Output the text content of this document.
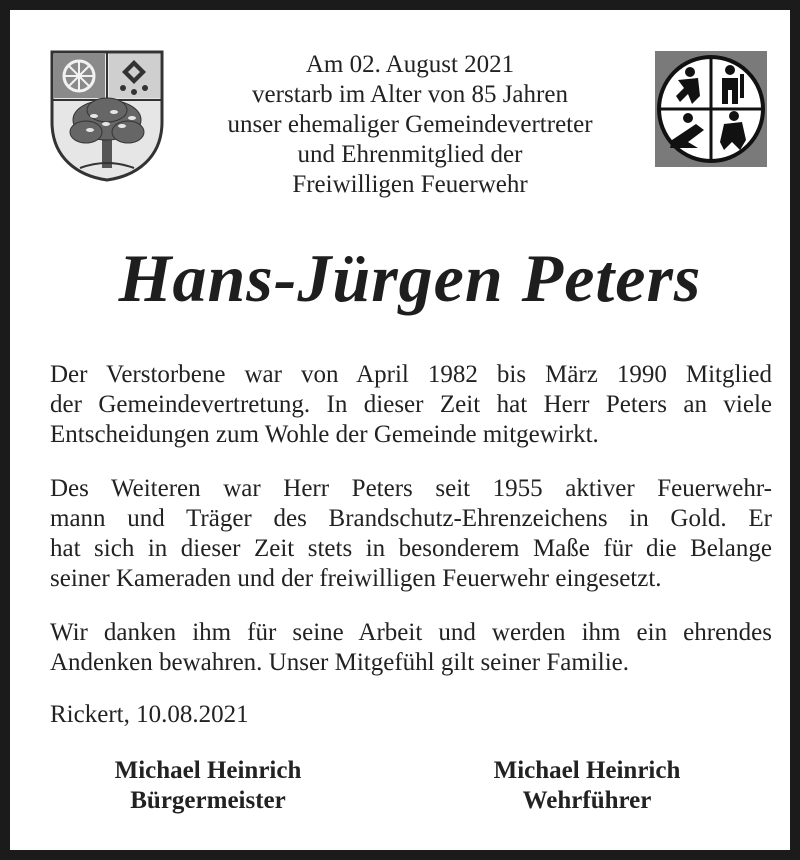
Am 02. August 2021
verstarb im Alter von 85 Jahren
unser ehemaliger Gemeindevertreter
und Ehrenmitglied der
Freiwilligen Feuerwehr
Hans-Jürgen Peters
Der Verstorbene war von April 1982 bis März 1990 Mitglied
der Gemeindevertretung. In dieser Zeit hat Herr Peters an viele
Entscheidungen zum Wohle der Gemeinde mitgewirkt.
Des Weiteren war Herr Peters seit 1955 aktiver Feuerwehr-
mann und Träger des Brandschutz-Ehrenzeichens in Gold. Er
hat sich in dieser Zeit stets in besonderem Maße für die Belange
seiner Kameraden und der freiwilligen Feuerwehr eingesetzt.
Wir danken ihm für seine Arbeit und werden ihm ein ehrendes
Andenken bewahren. Unser Mitgefühl gilt seiner Familie.
Rickert, 10.08.2021
Michael Heinrich
Bürgermeister
Michael Heinrich
Wehrführer
